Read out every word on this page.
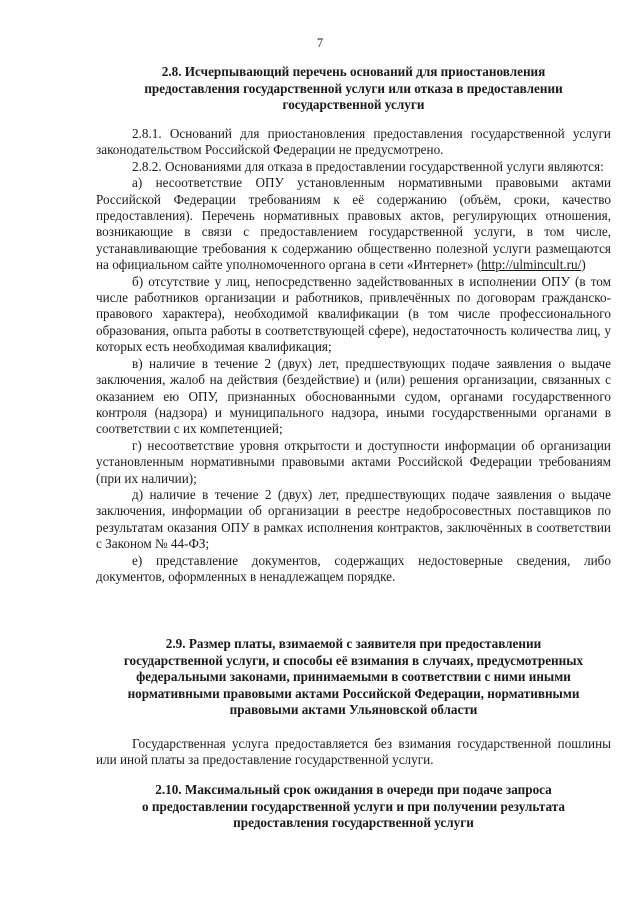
7
2.8. Исчерпывающий перечень оснований для приостановления
предоставления государственной услуги или отказа в предоставлении
государственной услуги

2.8.1. Оснований для приостановления предоставления государственной услуги законодательством Российской Федерации не предусмотрено.

2.8.2. Основаниями для отказа в предоставлении государственной услуги являются:

а) несоответствие ОПУ установленным нормативными правовыми актами Российской Федерации требованиям к её содержанию (объём, сроки, качество предоставления). Перечень нормативных правовых актов, регулирующих отношения, возникающие в связи с предоставлением государственной услуги, в том числе, устанавливающие требования к содержанию общественно полезной услуги размещаются на официальном сайте уполномоченного органа в сети «Интернет» (http://ulmincult.ru/)

б) отсутствие у лиц, непосредственно задействованных в исполнении ОПУ (в том числе работников организации и работников, привлечённых по договорам гражданско-правового характера), необходимой квалификации (в том числе профессионального образования, опыта работы в соответствующей сфере), недостаточность количества лиц, у которых есть необходимая квалификация;

в) наличие в течение 2 (двух) лет, предшествующих подаче заявления о выдаче заключения, жалоб на действия (бездействие) и (или) решения организации, связанных с оказанием ею ОПУ, признанных обоснованными судом, органами государственного контроля (надзора) и муниципального надзора, иными государственными органами в соответствии с их компетенцией;

г) несоответствие уровня открытости и доступности информации об организации установленным нормативными правовыми актами Российской Федерации требованиям (при их наличии);

д) наличие в течение 2 (двух) лет, предшествующих подаче заявления о выдаче заключения, информации об организации в реестре недобросовестных поставщиков по результатам оказания ОПУ в рамках исполнения контрактов, заключённых в соответствии с Законом № 44-ФЗ;

е) представление документов, содержащих недостоверные сведения, либо документов, оформленных в ненадлежащем порядке.

2.9. Размер платы, взимаемой с заявителя при предоставлении
государственной услуги, и способы её взимания в случаях, предусмотренных
федеральными законами, принимаемыми в соответствии с ними иными
нормативными правовыми актами Российской Федерации, нормативными
правовыми актами Ульяновской области

Государственная услуга предоставляется без взимания государственной пошлины или иной платы за предоставление государственной услуги.

2.10. Максимальный срок ожидания в очереди при подаче запроса
о предоставлении государственной услуги и при получении результата
предоставления государственной услуги
